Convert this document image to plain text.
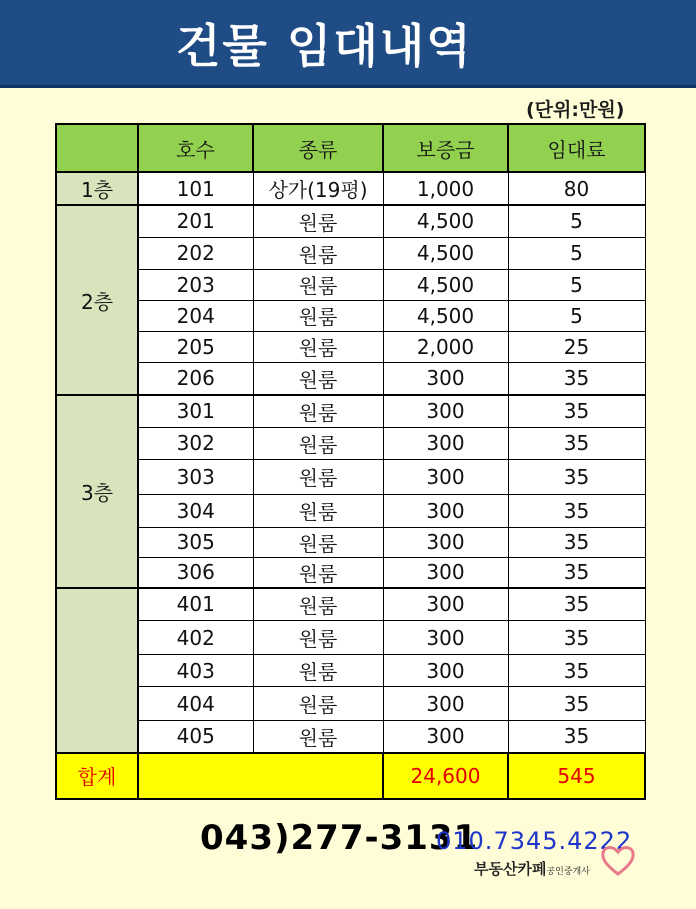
건물 임대내역
(단위:만원)
	호수	종류	보증금	임대료
1층	101	상가(19평)	1,000	80
2층	201	원룸	4,500	5
	202	원룸	4,500	5
	203	원룸	4,500	5
	204	원룸	4,500	5
	205	원룸	2,000	25
	206	원룸	300	35
3층	301	원룸	300	35
	302	원룸	300	35
	303	원룸	300	35
	304	원룸	300	35
	305	원룸	300	35
	306	원룸	300	35
	401	원룸	300	35
	402	원룸	300	35
	403	원룸	300	35
	404	원룸	300	35
	405	원룸	300	35
합계			24,600	545
043)277-3131
010.7345.4222
부동산카페공인중개사
